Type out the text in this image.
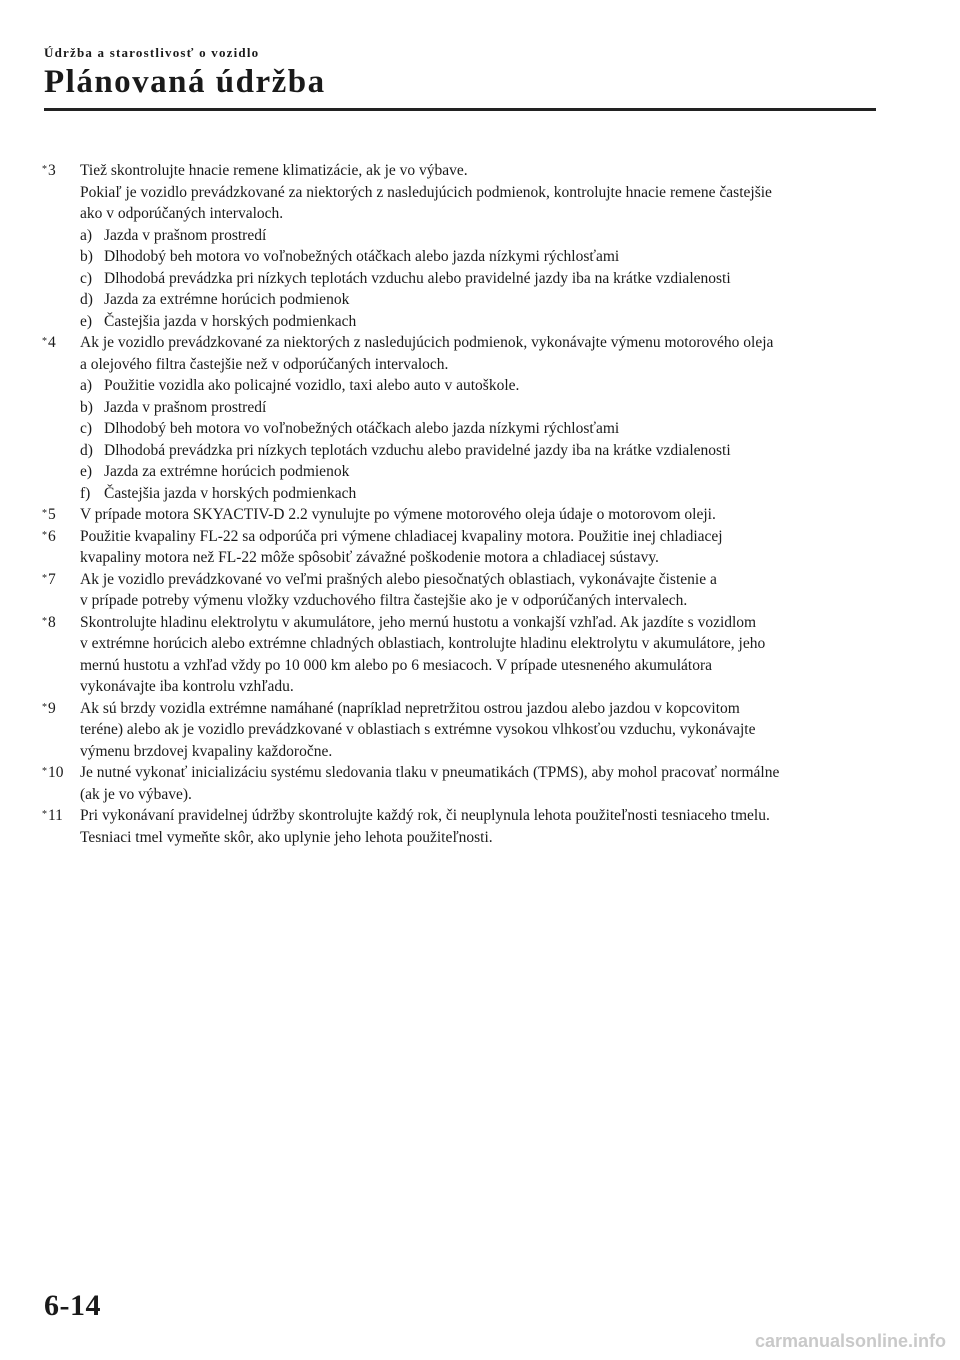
Údržba a starostlivosť o vozidlo
Plánovaná údržba
*3	Tiež skontrolujte hnacie remene klimatizácie, ak je vo výbave.
Pokiaľ je vozidlo prevádzkované za niektorých z nasledujúcich podmienok, kontrolujte hnacie remene častejšie
ako v odporúčaných intervaloch.
a) Jazda v prašnom prostredí
b) Dlhodobý beh motora vo voľnobežných otáčkach alebo jazda nízkymi rýchlosťami
c) Dlhodobá prevádzka pri nízkych teplotách vzduchu alebo pravidelné jazdy iba na krátke vzdialenosti
d) Jazda za extrémne horúcich podmienok
e) Častejšia jazda v horských podmienkach
*4	Ak je vozidlo prevádzkované za niektorých z nasledujúcich podmienok, vykonávajte výmenu motorového oleja
a olejového filtra častejšie než v odporúčaných intervaloch.
a) Použitie vozidla ako policajné vozidlo, taxi alebo auto v autoškole.
b) Jazda v prašnom prostredí
c) Dlhodobý beh motora vo voľnobežných otáčkach alebo jazda nízkymi rýchlosťami
d) Dlhodobá prevádzka pri nízkych teplotách vzduchu alebo pravidelné jazdy iba na krátke vzdialenosti
e) Jazda za extrémne horúcich podmienok
f) Častejšia jazda v horských podmienkach
*5	V prípade motora SKYACTIV-D 2.2 vynulujte po výmene motorového oleja údaje o motorovom oleji.
*6	Použitie kvapaliny FL-22 sa odporúča pri výmene chladiacej kvapaliny motora. Použitie inej chladiacej
kvapaliny motora než FL-22 môže spôsobiť závažné poškodenie motora a chladiacej sústavy.
*7	Ak je vozidlo prevádzkované vo veľmi prašných alebo piesočnatých oblastiach, vykonávajte čistenie a
v prípade potreby výmenu vložky vzduchového filtra častejšie ako je v odporúčaných intervalech.
*8	Skontrolujte hladinu elektrolytu v akumulátore, jeho mernú hustotu a vonkajší vzhľad. Ak jazdíte s vozidlom
v extrémne horúcich alebo extrémne chladných oblastiach, kontrolujte hladinu elektrolytu v akumulátore, jeho
mernú hustotu a vzhľad vždy po 10 000 km alebo po 6 mesiacoch. V prípade utesneného akumulátora
vykonávajte iba kontrolu vzhľadu.
*9	Ak sú brzdy vozidla extrémne namáhané (napríklad nepretržitou ostrou jazdou alebo jazdou v kopcovitom
teréne) alebo ak je vozidlo prevádzkované v oblastiach s extrémne vysokou vlhkosťou vzduchu, vykonávajte
výmenu brzdovej kvapaliny každoročne.
*10	Je nutné vykonať inicializáciu systému sledovania tlaku v pneumatikách (TPMS), aby mohol pracovať normálne
(ak je vo výbave).
*11	Pri vykonávaní pravidelnej údržby skontrolujte každý rok, či neuplynula lehota použiteľnosti tesniaceho tmelu.
Tesniaci tmel vymeňte skôr, ako uplynie jeho lehota použiteľnosti.
6-14
carmanualsonline.info
